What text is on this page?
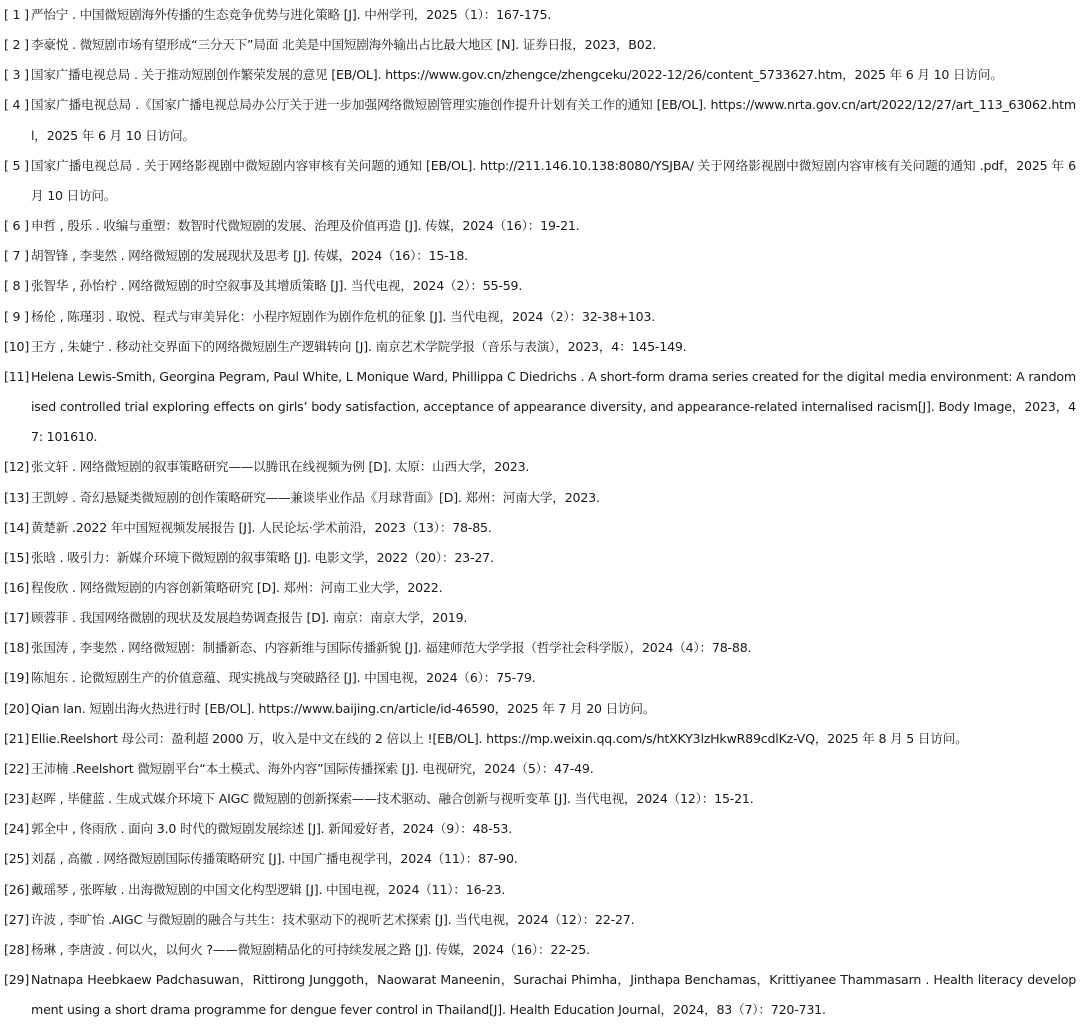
[ 1 ] 严怡宁 . 中国微短剧海外传播的生态竞争优势与进化策略 [J]. 中州学刊，2025（1）：167-175.
[ 2 ] 李豪悦 . 微短剧市场有望形成“三分天下”局面 北美是中国短剧海外输出占比最大地区 [N]. 证券日报，2023，B02.
[ 3 ] 国家广播电视总局 . 关于推动短剧创作繁荣发展的意见 [EB/OL]. https://www.gov.cn/zhengce/zhengceku/2022-12/26/content_5733627.htm，2025 年 6 月 10 日访问。
[ 4 ] 国家广播电视总局 .《国家广播电视总局办公厅关于进一步加强网络微短剧管理实施创作提升计划有关工作的通知 [EB/OL]. https://www.nrta.gov.cn/art/2022/12/27/art_113_63062.html，2025 年 6 月 10 日访问。
[ 5 ] 国家广播电视总局 . 关于网络影视剧中微短剧内容审核有关问题的通知 [EB/OL]. http://211.146.10.138:8080/YSJBA/ 关于网络影视剧中微短剧内容审核有关问题的通知 .pdf，2025 年 6 月 10 日访问。
[ 6 ] 申哲 , 殷乐 . 收编与重塑：数智时代微短剧的发展、治理及价值再造 [J]. 传媒，2024（16）：19-21.
[ 7 ] 胡智锋 , 李斐然 . 网络微短剧的发展现状及思考 [J]. 传媒，2024（16）：15-18.
[ 8 ] 张智华 , 孙怡柠 . 网络微短剧的时空叙事及其增质策略 [J]. 当代电视，2024（2）：55-59.
[ 9 ] 杨伦 , 陈瑾羽 . 取悦、程式与审美异化：小程序短剧作为剧作危机的征象 [J]. 当代电视，2024（2）：32-38+103.
[10] 王方 , 朱婕宁 . 移动社交界面下的网络微短剧生产逻辑转向 [J]. 南京艺术学院学报（音乐与表演），2023，4：145-149.
[11] Helena Lewis-Smith, Georgina Pegram, Paul White, L Monique Ward, Phillippa C Diedrichs . A short-form drama series created for the digital media environment: A randomised controlled trial exploring effects on girls’ body satisfaction, acceptance of appearance diversity, and appearance-related internalised racism[J]. Body Image，2023，47: 101610.
[12] 张文轩 . 网络微短剧的叙事策略研究——以腾讯在线视频为例 [D]. 太原：山西大学，2023.
[13] 王凯婷 . 奇幻悬疑类微短剧的创作策略研究——兼谈毕业作品《月球背面》[D]. 郑州：河南大学，2023.
[14] 黄楚新 .2022 年中国短视频发展报告 [J]. 人民论坛·学术前沿，2023（13）：78-85.
[15] 张晗 . 吸引力：新媒介环境下微短剧的叙事策略 [J]. 电影文学，2022（20）：23-27.
[16] 程俊欣 . 网络微短剧的内容创新策略研究 [D]. 郑州：河南工业大学，2022.
[17] 顾蓉菲 . 我国网络微剧的现状及发展趋势调查报告 [D]. 南京：南京大学，2019.
[18] 张国涛 , 李斐然 . 网络微短剧：制播新态、内容新维与国际传播新貌 [J]. 福建师范大学学报（哲学社会科学版），2024（4）：78-88.
[19] 陈旭东 . 论微短剧生产的价值意蕴、现实挑战与突破路径 [J]. 中国电视，2024（6）：75-79.
[20] Qian lan. 短剧出海火热进行时 [EB/OL]. https://www.baijing.cn/article/id-46590，2025 年 7 月 20 日访问。
[21] Ellie.Reelshort 母公司：盈利超 2000 万，收入是中文在线的 2 倍以上 ![EB/OL]. https://mp.weixin.qq.com/s/htXKY3lzHkwR89cdlKz-VQ，2025 年 8 月 5 日访问。
[22] 王沛楠 .Reelshort 微短剧平台“本土模式、海外内容”国际传播探索 [J]. 电视研究，2024（5）：47-49.
[23] 赵晖 , 毕健蓝 . 生成式媒介环境下 AIGC 微短剧的创新探索——技术驱动、融合创新与视听变革 [J]. 当代电视，2024（12）：15-21.
[24] 郭全中 , 佟雨欣 . 面向 3.0 时代的微短剧发展综述 [J]. 新闻爱好者，2024（9）：48-53.
[25] 刘磊 , 高徽 . 网络微短剧国际传播策略研究 [J]. 中国广播电视学刊，2024（11）：87-90.
[26] 戴瑶琴 , 张晖敏 . 出海微短剧的中国文化构型逻辑 [J]. 中国电视，2024（11）：16-23.
[27] 许波 , 李旷怡 .AIGC 与微短剧的融合与共生：技术驱动下的视听艺术探索 [J]. 当代电视，2024（12）：22-27.
[28] 杨琳 , 李唐波 . 何以火，以何火 ?——微短剧精品化的可持续发展之路 [J]. 传媒，2024（16）：22-25.
[29] Natnapa Heebkaew Padchasuwan，Rittirong Junggoth，Naowarat Maneenin，Surachai Phimha，Jinthapa Benchamas，Krittiyanee Thammasarn . Health literacy development using a short drama programme for dengue fever control in Thailand[J]. Health Education Journal，2024，83（7）：720-731.
